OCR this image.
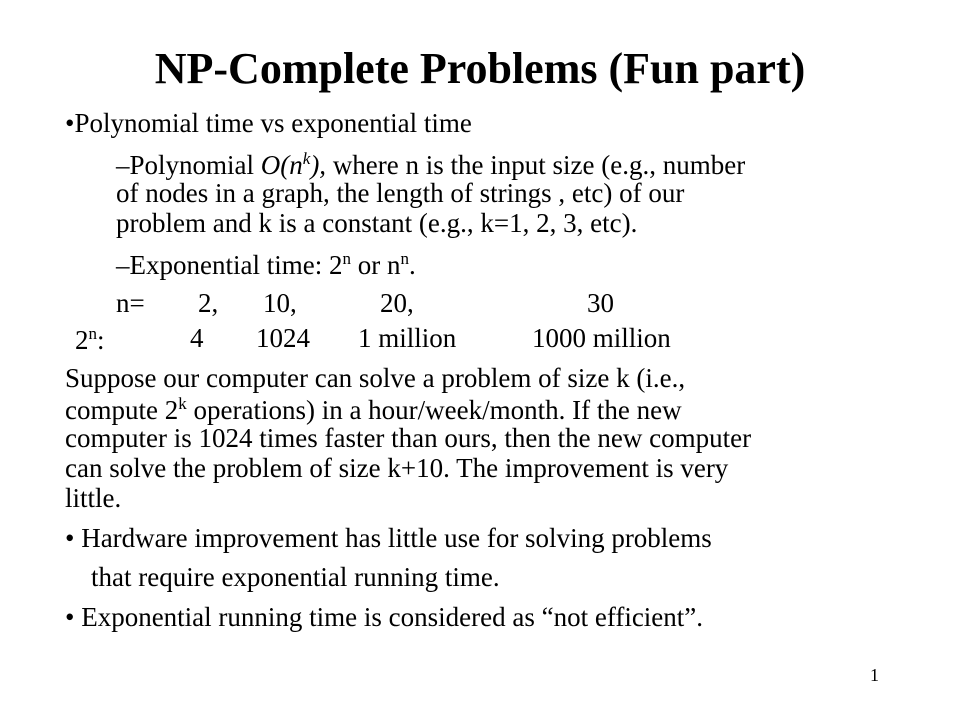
NP-Complete Problems (Fun part)
•Polynomial time vs exponential time
–Polynomial $O(n^k)$, where n is the input size (e.g., number
of nodes in a graph, the length of strings , etc) of our
problem and k is a constant (e.g., k=1, 2, 3, etc).
–Exponential time: 2$^n$ or $n^n$.
n= 2, 10,	20,	30
2$^n$:	4 1024 1 million	1000 million
Suppose our computer can solve a problem of size k (i.e.,
compute 2$^k$ operations) in a hour/week/month. If the new
computer is 1024 times faster than ours, then the new computer
can solve the problem of size k+10. The improvement is very
little.
• Hardware improvement has little use for solving problems
that require exponential running time.
• Exponential running time is considered as “not efficient”.
1
